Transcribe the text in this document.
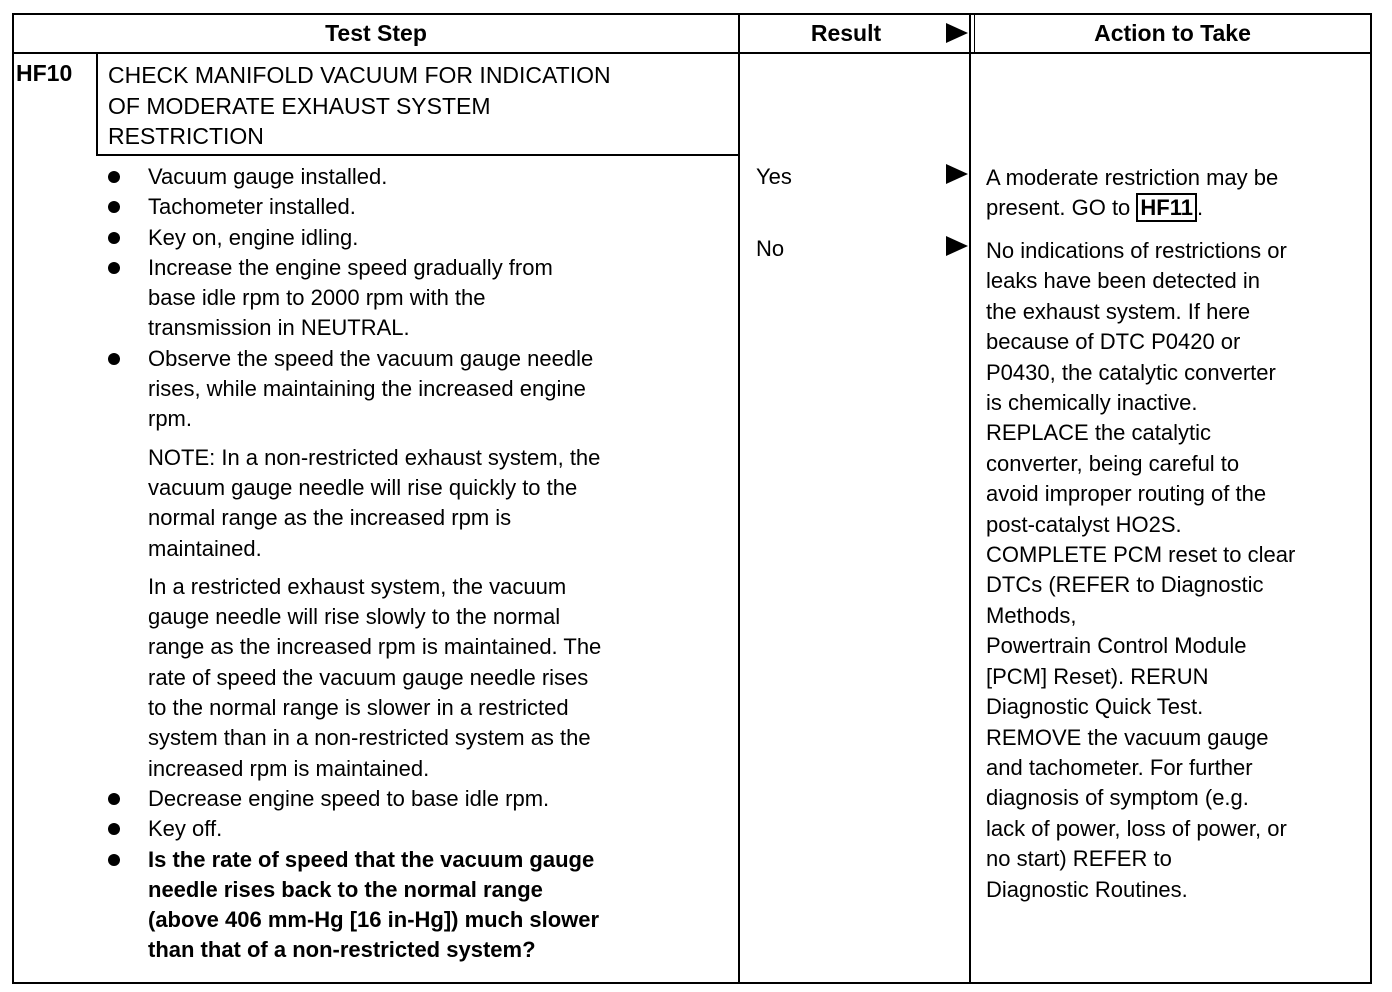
Test Step	Result	Action to Take
HF10 CHECK MANIFOLD VACUUM FOR INDICATION
OF MODERATE EXHAUST SYSTEM
RESTRICTION
Vacuum gauge installed.
Tachometer installed.
Key on, engine idling.
Increase the engine speed gradually from
base idle rpm to 2000 rpm with the
transmission in NEUTRAL.
Observe the speed the vacuum gauge needle
rises, while maintaining the increased engine
rpm.
NOTE: In a non-restricted exhaust system, the
vacuum gauge needle will rise quickly to the
normal range as the increased rpm is
maintained.
In a restricted exhaust system, the vacuum
gauge needle will rise slowly to the normal
range as the increased rpm is maintained. The
rate of speed the vacuum gauge needle rises
to the normal range is slower in a restricted
system than in a non-restricted system as the
increased rpm is maintained.
Decrease engine speed to base idle rpm.
Key off.
Is the rate of speed that the vacuum gauge
needle rises back to the normal range
(above 406 mm-Hg [16 in-Hg]) much slower
than that of a non-restricted system?
Yes
No
A moderate restriction may be
present. GO to HF11 .
No indications of restrictions or
leaks have been detected in
the exhaust system. If here
because of DTC P0420 or
P0430, the catalytic converter
is chemically inactive.
REPLACE the catalytic
converter, being careful to
avoid improper routing of the
post-catalyst HO2S.
COMPLETE PCM reset to clear
DTCs (REFER to Diagnostic
Methods,
Powertrain Control Module
[PCM] Reset). RERUN
Diagnostic Quick Test.
REMOVE the vacuum gauge
and tachometer. For further
diagnosis of symptom (e.g.
lack of power, loss of power, or
no start) REFER to
Diagnostic Routines.
